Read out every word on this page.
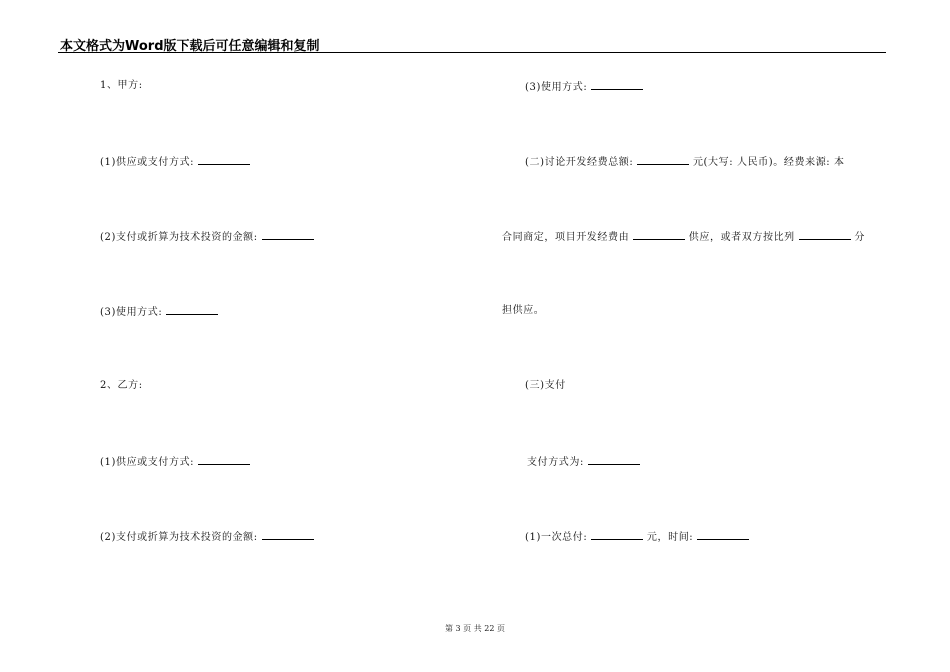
本文格式为Word版下载后可任意编辑和复制
1、甲方:
(1)供应或支付方式:
(2)支付或折算为技术投资的金额:
(3)使用方式:
2、乙方:
(1)供应或支付方式:
(2)支付或折算为技术投资的金额:
(3)使用方式:
(二)讨论开发经费总额:	元(大写: 人民币)。经费来源: 本
合同商定，项目开发经费由	供应，或者双方按比列	分
担供应。
(三)支付
支付方式为:
(1)一次总付:	元，时间:
第 3 页 共 22 页
